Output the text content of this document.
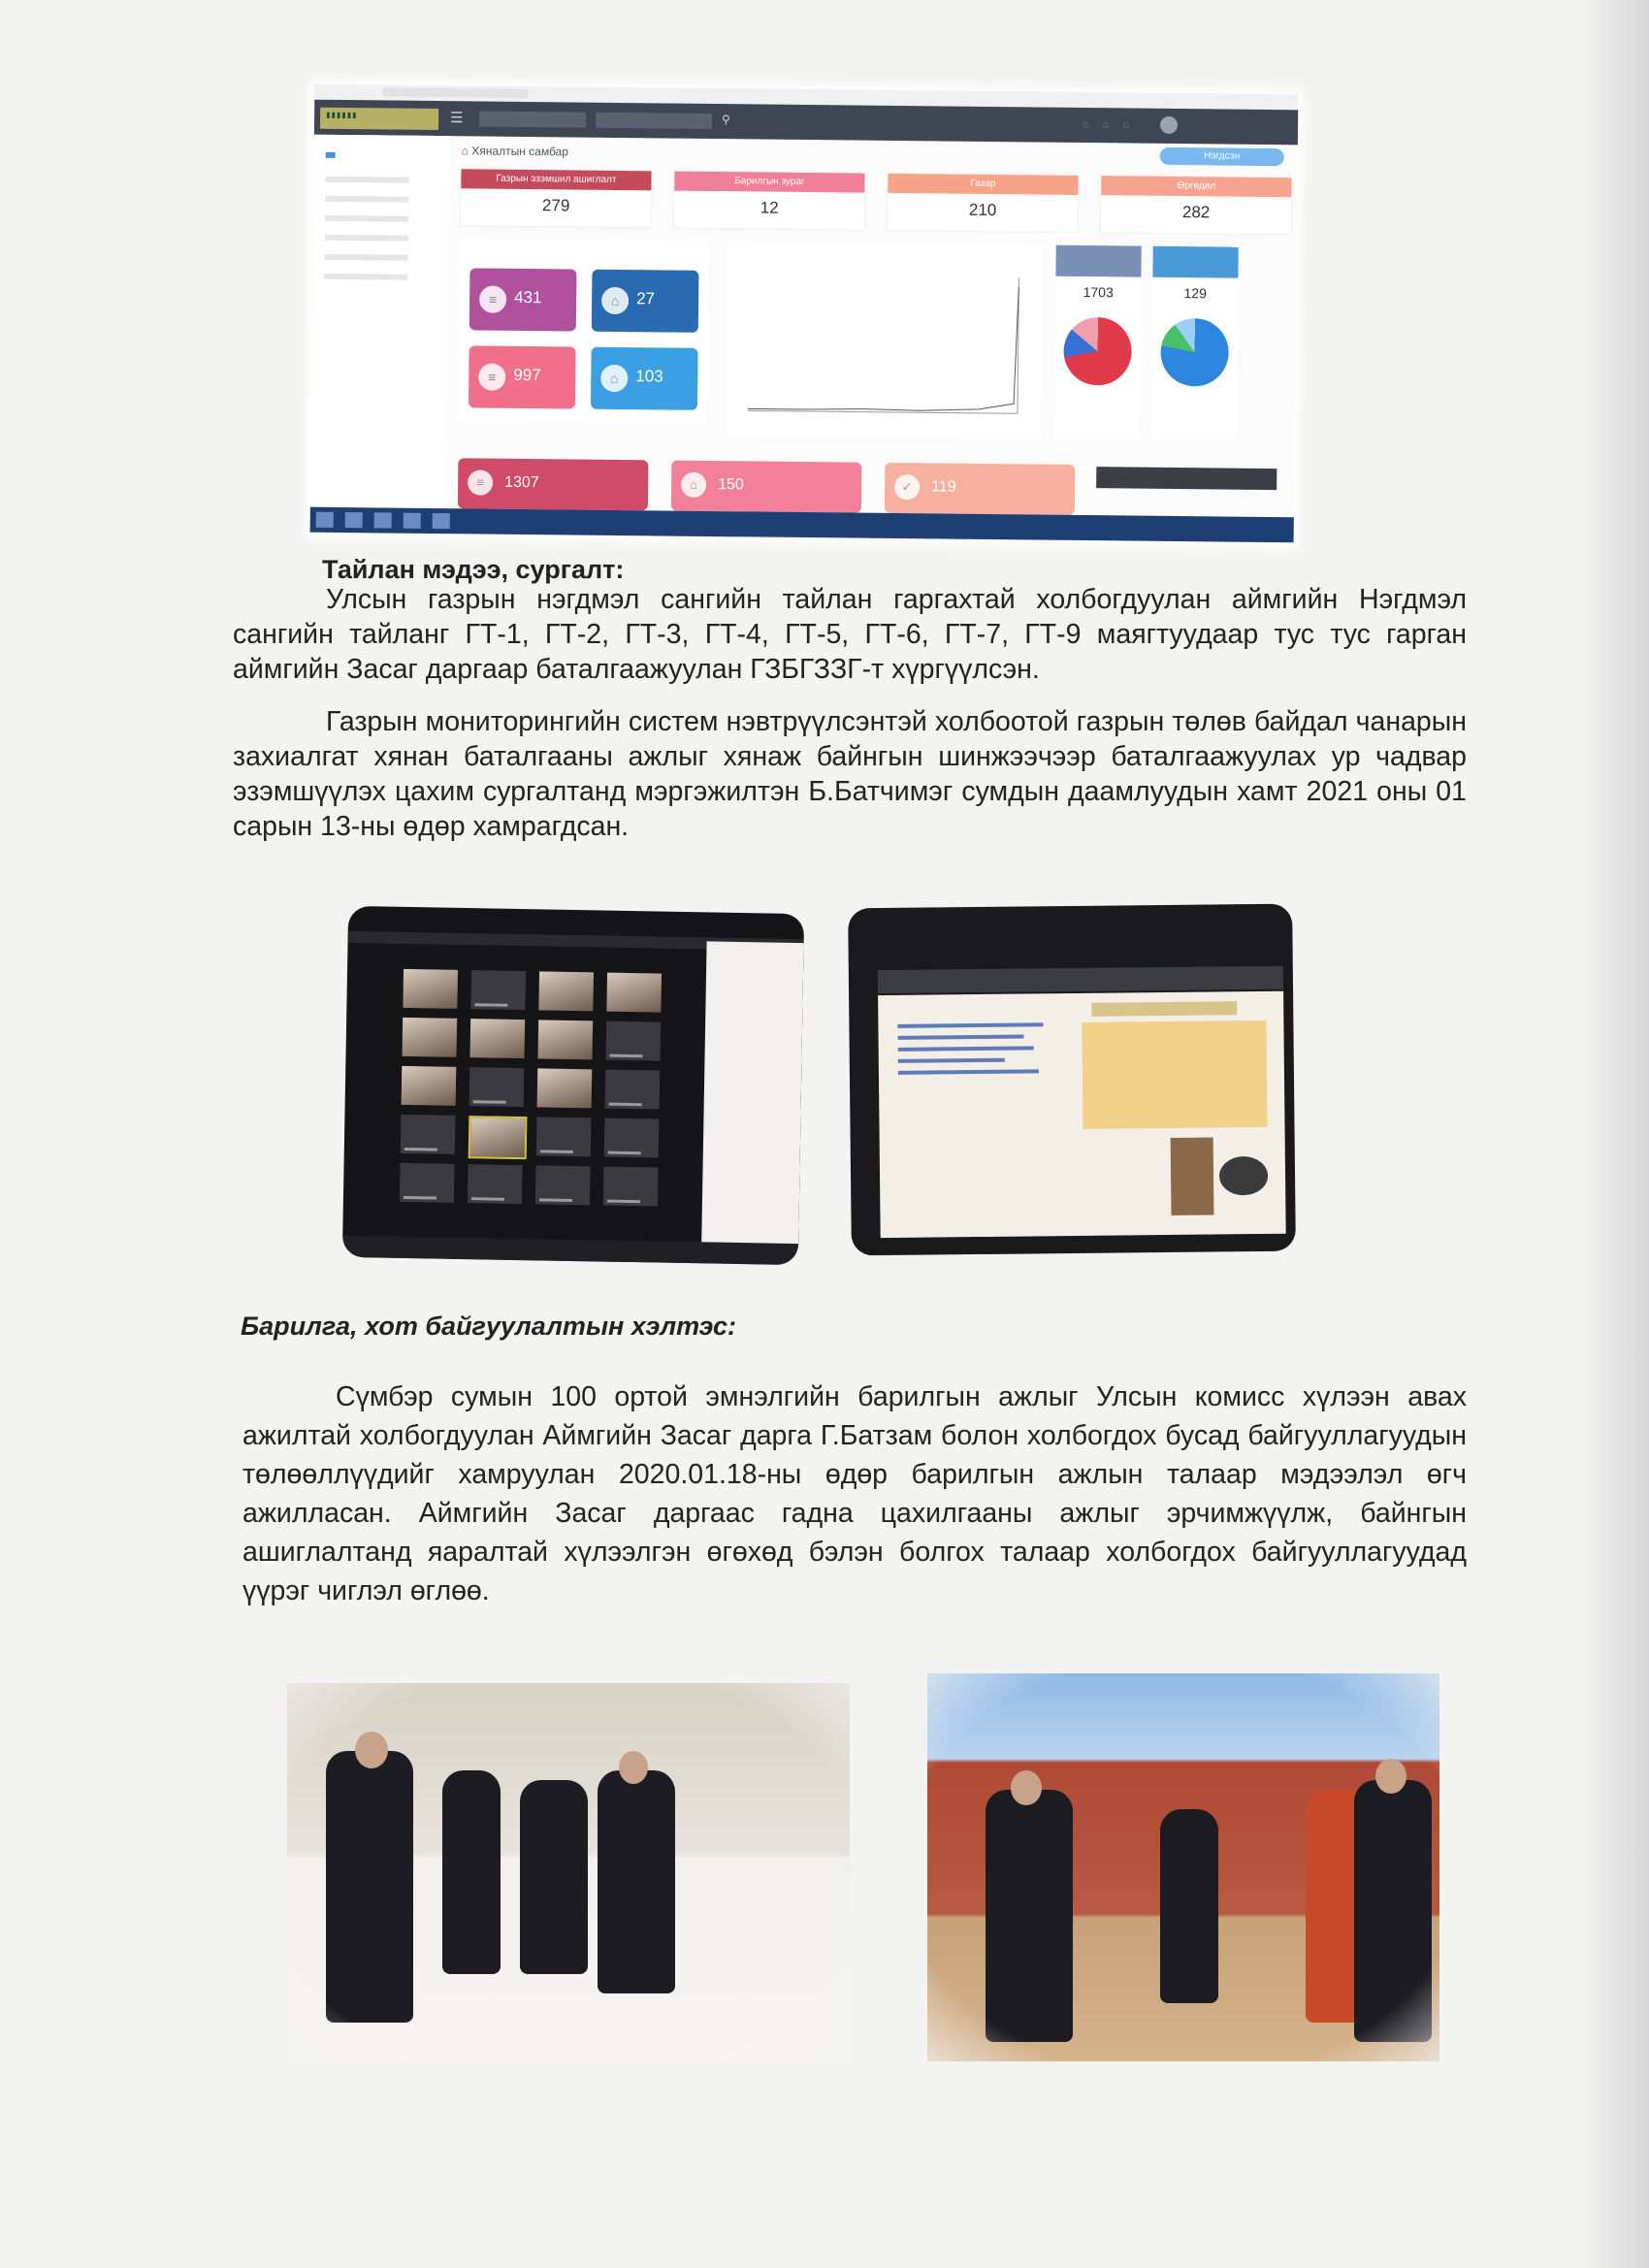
▮▮▮▮▮▮	☰	⚲	◌◌◌
⌂ Хяналтын самбар	Нэгдсэн
Газрын эзэмшил ашиглалт
279
Барилгын зураг
12
Газар
210
Өргөдөл
282
≡	431	⌂	27
≡	997	⌂	103
1703	129
≡	1307	⌂	150	✓	119
Тайлан мэдээ, сургалт:

Улсын газрын нэгдмэл сангийн тайлан гаргахтай холбогдуулан аймгийн Нэгдмэл сангийн тайланг ГТ-1, ГТ-2, ГТ-3, ГТ-4, ГТ-5, ГТ-6, ГТ-7, ГТ-9 маягтуудаар тус тус гарган аймгийн Засаг даргаар баталгаажуулан ГЗБГЗЗГ-т хүргүүлсэн.

Газрын мониторингийн систем нэвтрүүлсэнтэй холбоотой газрын төлөв байдал чанарын захиалгат хянан баталгааны ажлыг хянаж байнгын шинжээчээр баталгаажуулах ур чадвар эзэмшүүлэх цахим сургалтанд мэргэжилтэн Б.Батчимэг сумдын даамлуудын хамт 2021 оны 01 сарын 13-ны өдөр хамрагдсан.

Барилга, хот байгуулалтын хэлтэс:

Сүмбэр сумын 100 ортой эмнэлгийн барилгын ажлыг Улсын комисс хүлээн авах ажилтай холбогдуулан Аймгийн Засаг дарга Г.Батзам болон холбогдох бусад байгууллагуудын төлөөллүүдийг хамруулан 2020.01.18-ны өдөр барилгын ажлын талаар мэдээлэл өгч ажилласан. Аймгийн Засаг даргаас гадна цахилгааны ажлыг эрчимжүүлж, байнгын ашиглалтанд яаралтай хүлээлгэн өгөхөд бэлэн болгох талаар холбогдох байгууллагуудад үүрэг чиглэл өглөө.
